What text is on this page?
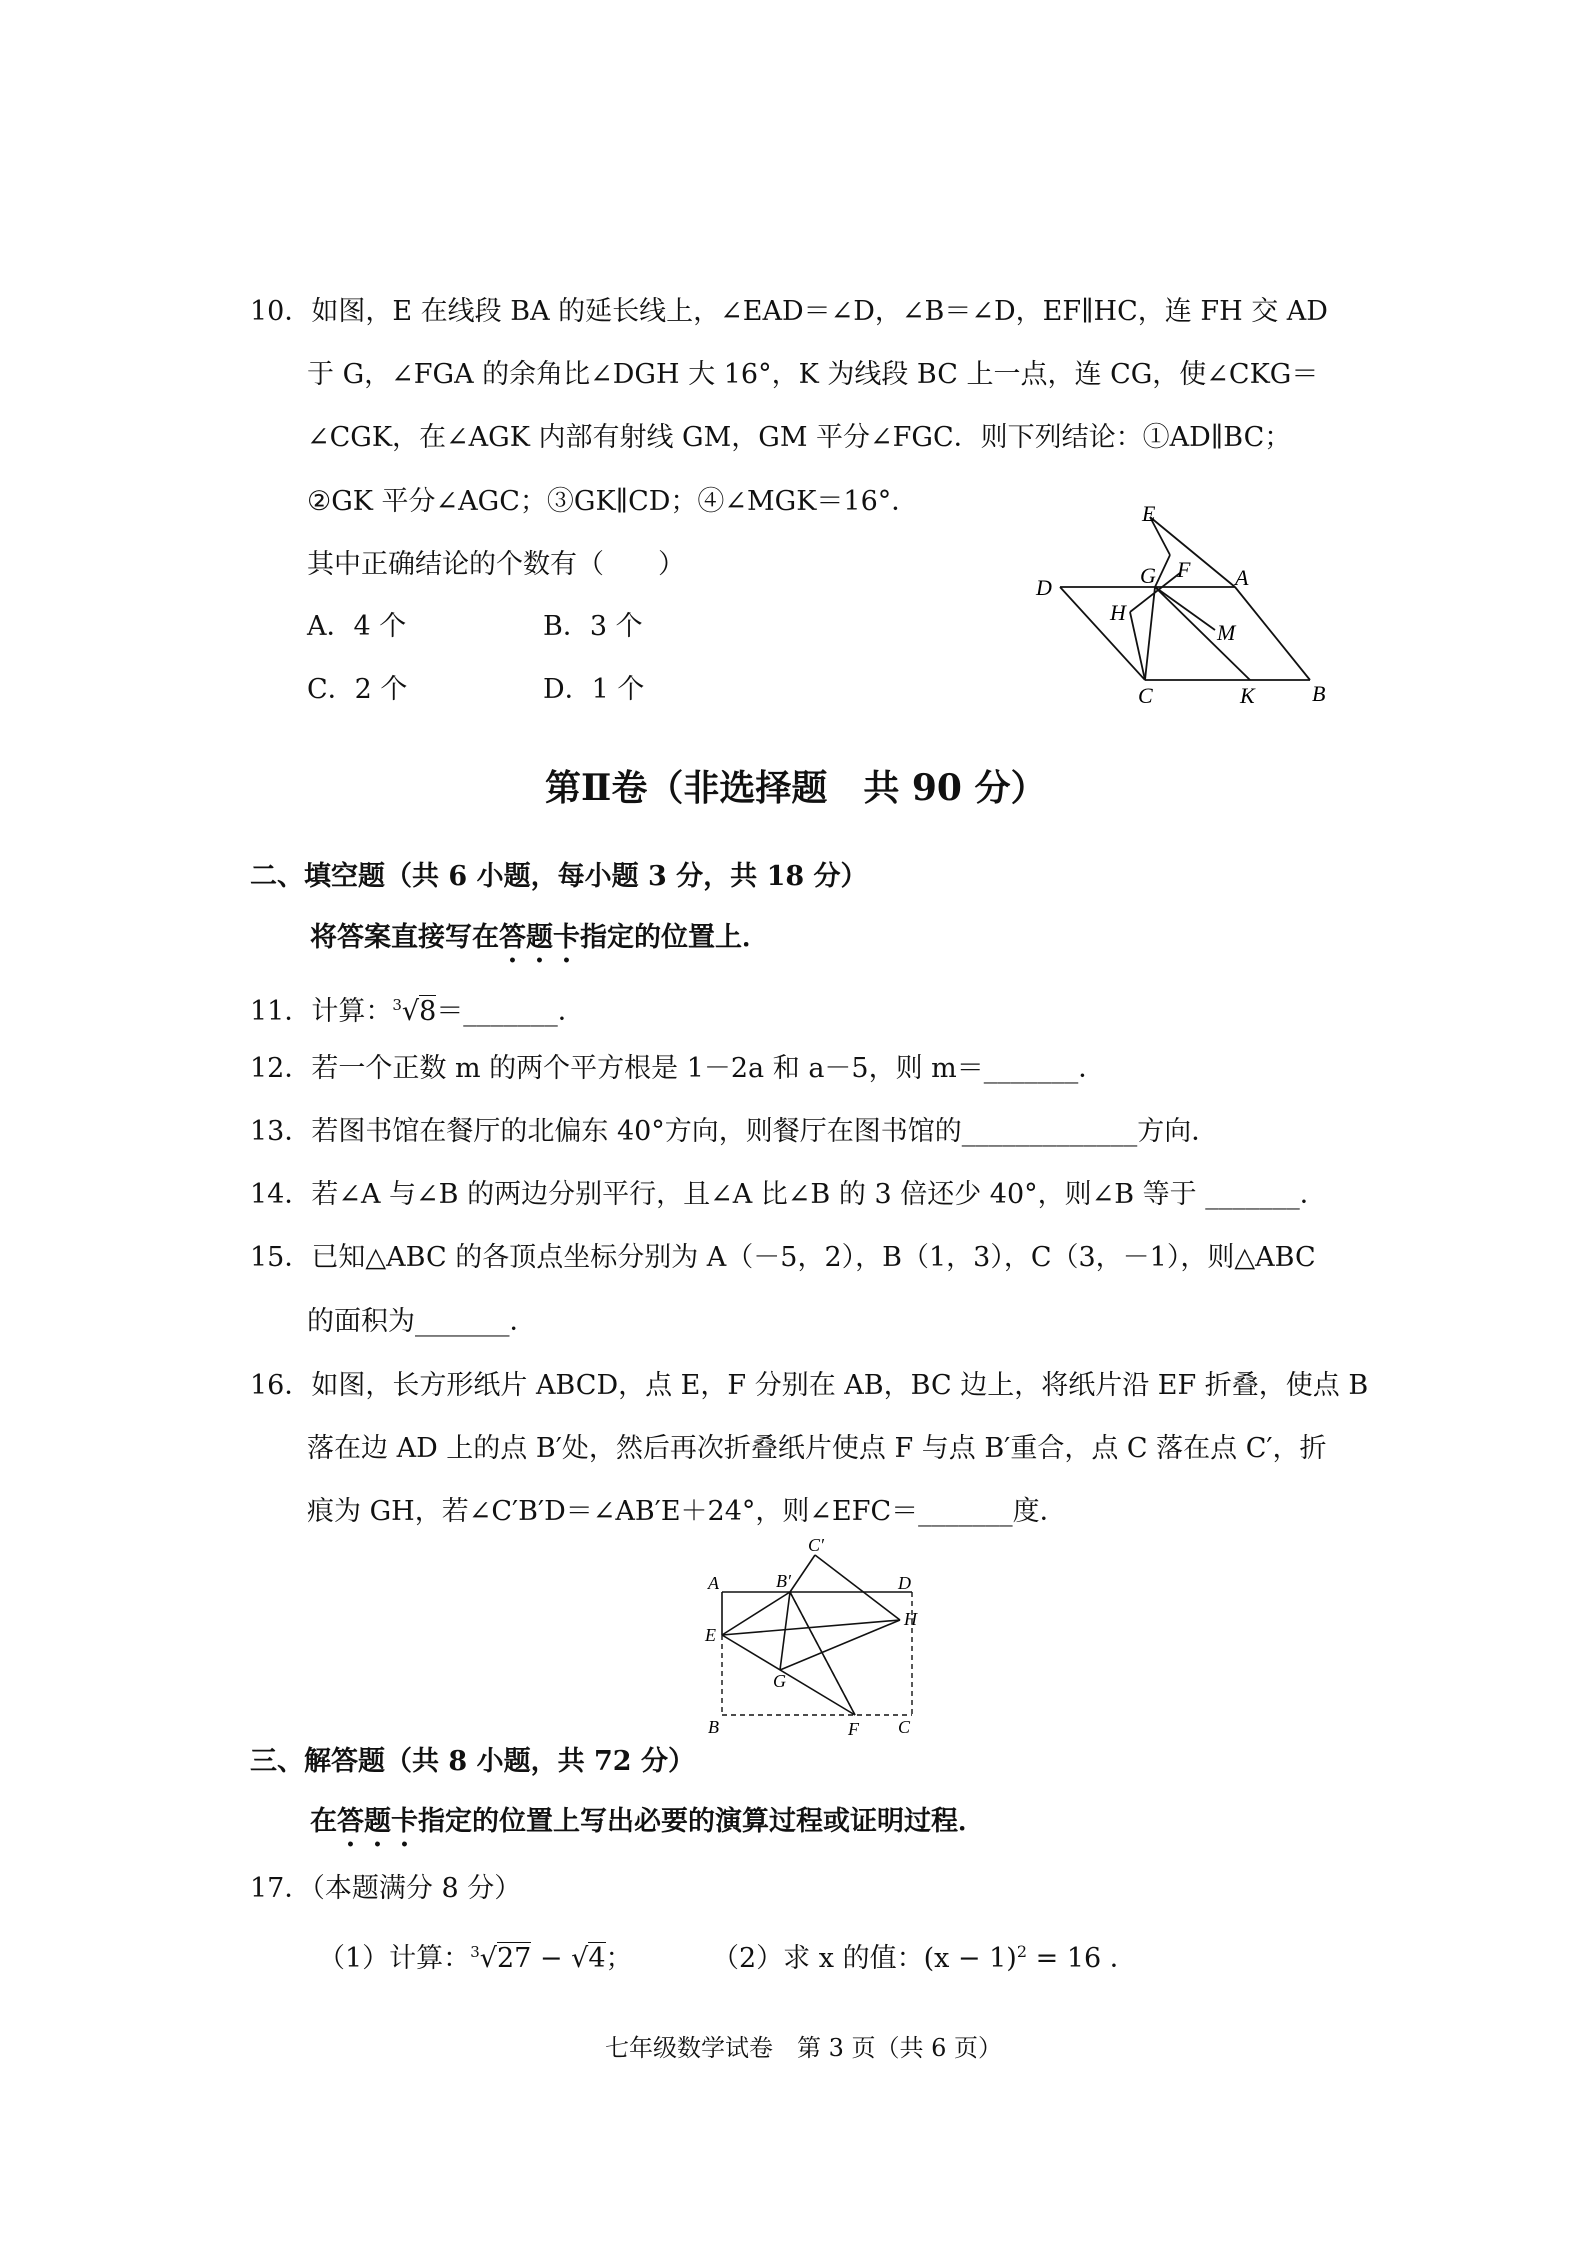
10．如图，E 在线段 BA 的延长线上，∠EAD＝∠D，∠B＝∠D，EF∥HC，连 FH 交 AD
于 G，∠FGA 的余角比∠DGH 大 16°，K 为线段 BC 上一点，连 CG，使∠CKG＝
∠CGK，在∠AGK 内部有射线 GM，GM 平分∠FGC．则下列结论：①AD∥BC；
②GK 平分∠AGC；③GK∥CD；④∠MGK＝16°．
其中正确结论的个数有（　　）
A．4 个	B．3 个
C．2 个	D．1 个
E
G F A
D
H
M
C	K	B
第Ⅱ卷（非选择题　共 90 分）
二、填空题（共 6 小题，每小题 3 分，共 18 分）
将答案直接写在答题卡指定的位置上．
11．计算：$^3$√8＝_______．
12．若一个正数 m 的两个平方根是 1－2a 和 a－5，则 m＝_______．
13．若图书馆在餐厅的北偏东 40°方向，则餐厅在图书馆的_____________方向．
14．若∠A 与∠B 的两边分别平行，且∠A 比∠B 的 3 倍还少 40°，则∠B 等于 _______．
15．已知△ABC 的各顶点坐标分别为 A（－5，2），B（1，3），C（3，－1），则△ABC
的面积为_______．
16．如图，长方形纸片 ABCD，点 E，F 分别在 AB，BC 边上，将纸片沿 EF 折叠，使点 B
落在边 AD 上的点 B′处，然后再次折叠纸片使点 F 与点 B′重合，点 C 落在点 C′，折
痕为 GH，若∠C′B′D＝∠AB′E＋24°，则∠EFC＝_______度．
C′
A	B′	D
E
H
G
B	F C
三、解答题（共 8 小题，共 72 分）
在答题卡指定的位置上写出必要的演算过程或证明过程．
17．（本题满分 8 分）
（1）计算：$^3$√27 − √4；	（2）求 x 的值：$(x - 1)^2 = 16$ ．
七年级数学试卷　第 3 页（共 6 页）
